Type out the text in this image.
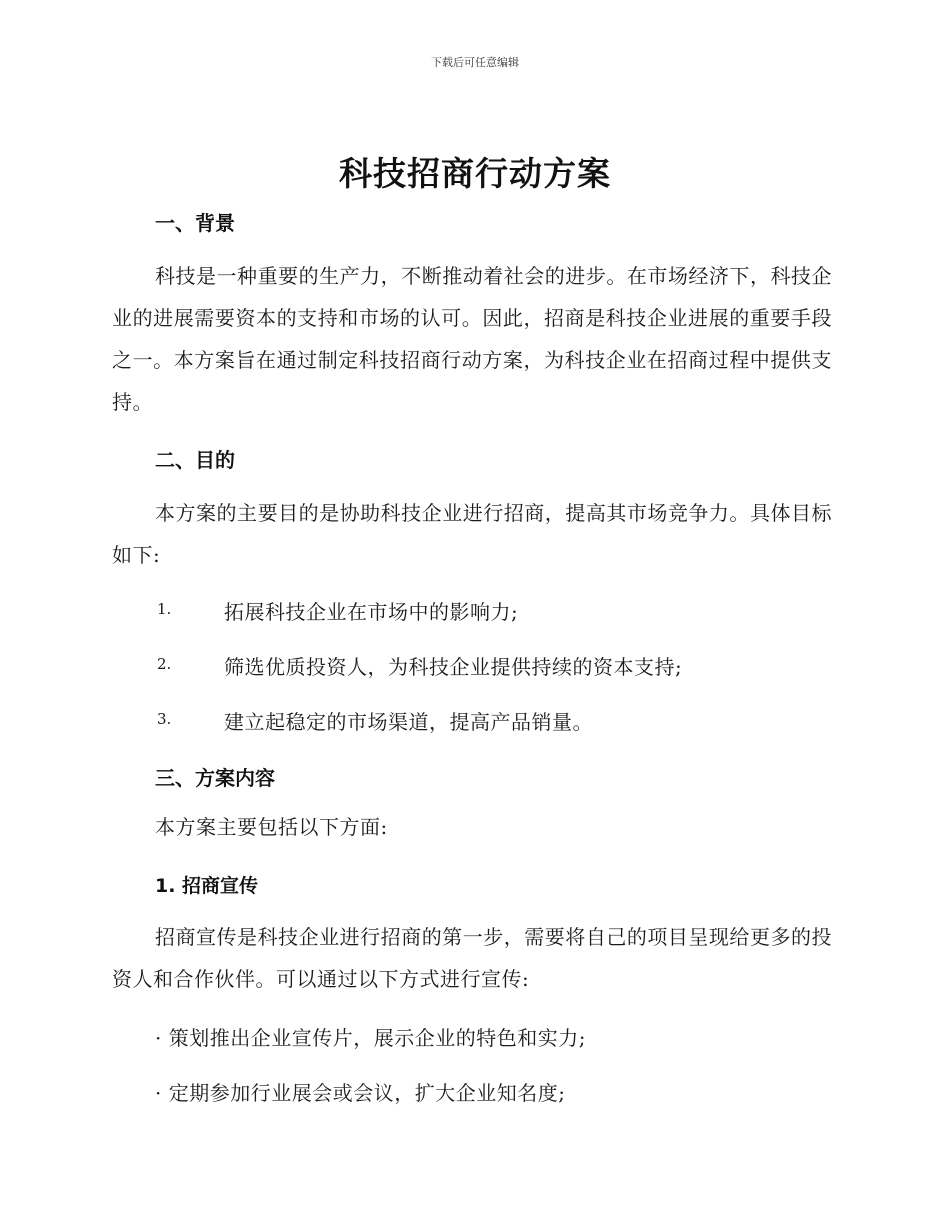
下载后可任意编辑
科技招商行动方案
一、背景
科技是一种重要的生产力，不断推动着社会的进步。在市场经济下，科技企业的进展需要资本的支持和市场的认可。因此，招商是科技企业进展的重要手段之一。本方案旨在通过制定科技招商行动方案，为科技企业在招商过程中提供支持。
二、目的
本方案的主要目的是协助科技企业进行招商，提高其市场竞争力。具体目标如下:
1.	拓展科技企业在市场中的影响力;
2.	筛选优质投资人，为科技企业提供持续的资本支持;
3.	建立起稳定的市场渠道，提高产品销量。
三、方案内容
本方案主要包括以下方面:
1. 招商宣传
招商宣传是科技企业进行招商的第一步，需要将自己的项目呈现给更多的投资人和合作伙伴。可以通过以下方式进行宣传:
· 策划推出企业宣传片，展示企业的特色和实力;
· 定期参加行业展会或会议，扩大企业知名度;
